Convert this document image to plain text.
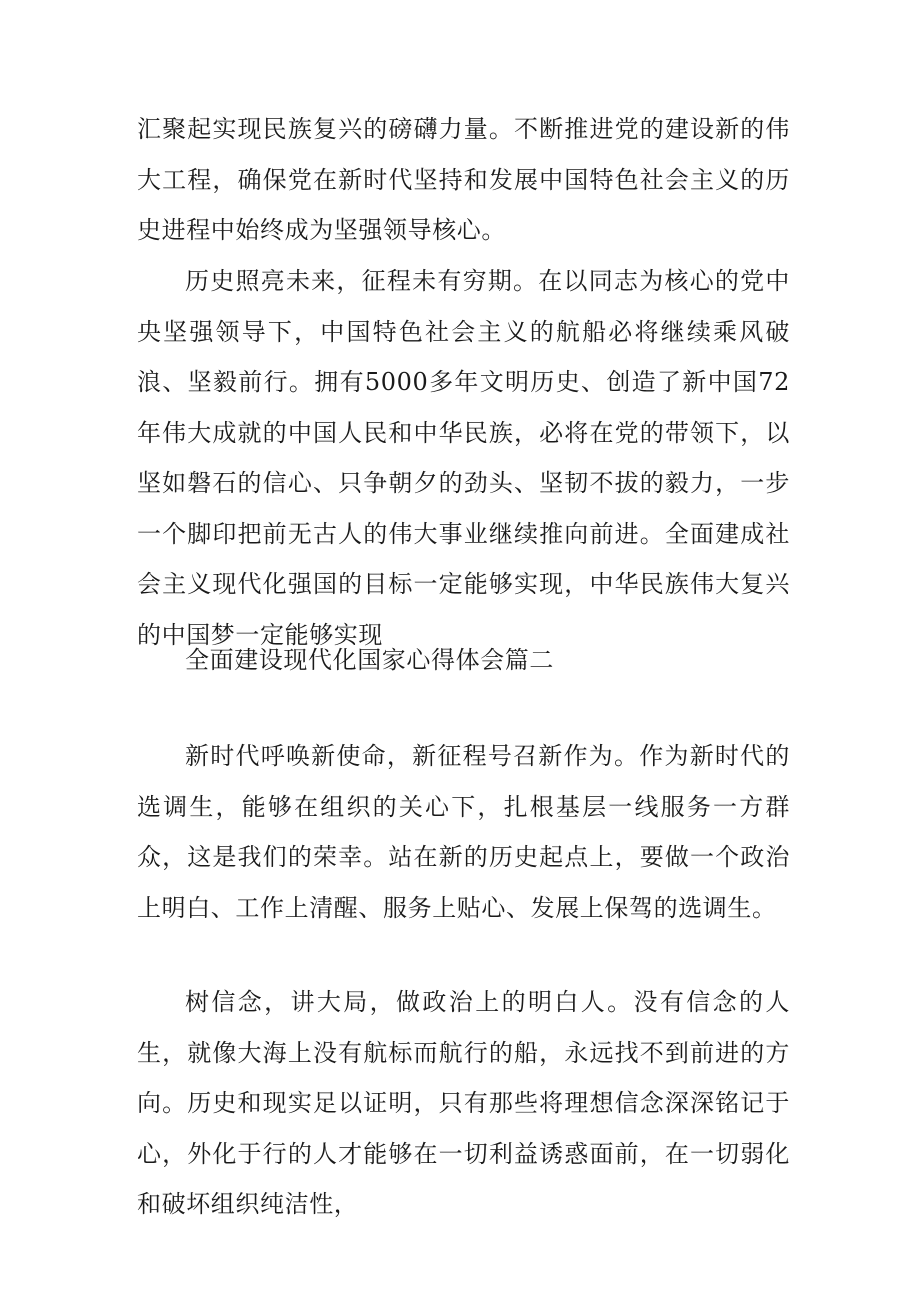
汇聚起实现民族复兴的磅礴力量。不断推进党的建设新的伟大工程，确保党在新时代坚持和发展中国特色社会主义的历史进程中始终成为坚强领导核心。

历史照亮未来，征程未有穷期。在以同志为核心的党中央坚强领导下，中国特色社会主义的航船必将继续乘风破浪、坚毅前行。拥有5000多年文明历史、创造了新中国72年伟大成就的中国人民和中华民族，必将在党的带领下，以坚如磐石的信心、只争朝夕的劲头、坚韧不拔的毅力，一步一个脚印把前无古人的伟大事业继续推向前进。全面建成社会主义现代化强国的目标一定能够实现，中华民族伟大复兴的中国梦一定能够实现

全面建设现代化国家心得体会篇二

新时代呼唤新使命，新征程号召新作为。作为新时代的选调生，能够在组织的关心下，扎根基层一线服务一方群众，这是我们的荣幸。站在新的历史起点上，要做一个政治上明白、工作上清醒、服务上贴心、发展上保驾的选调生。

树信念，讲大局，做政治上的明白人。没有信念的人生，就像大海上没有航标而航行的船，永远找不到前进的方向。历史和现实足以证明，只有那些将理想信念深深铭记于心，外化于行的人才能够在一切利益诱惑面前，在一切弱化和破坏组织纯洁性，
